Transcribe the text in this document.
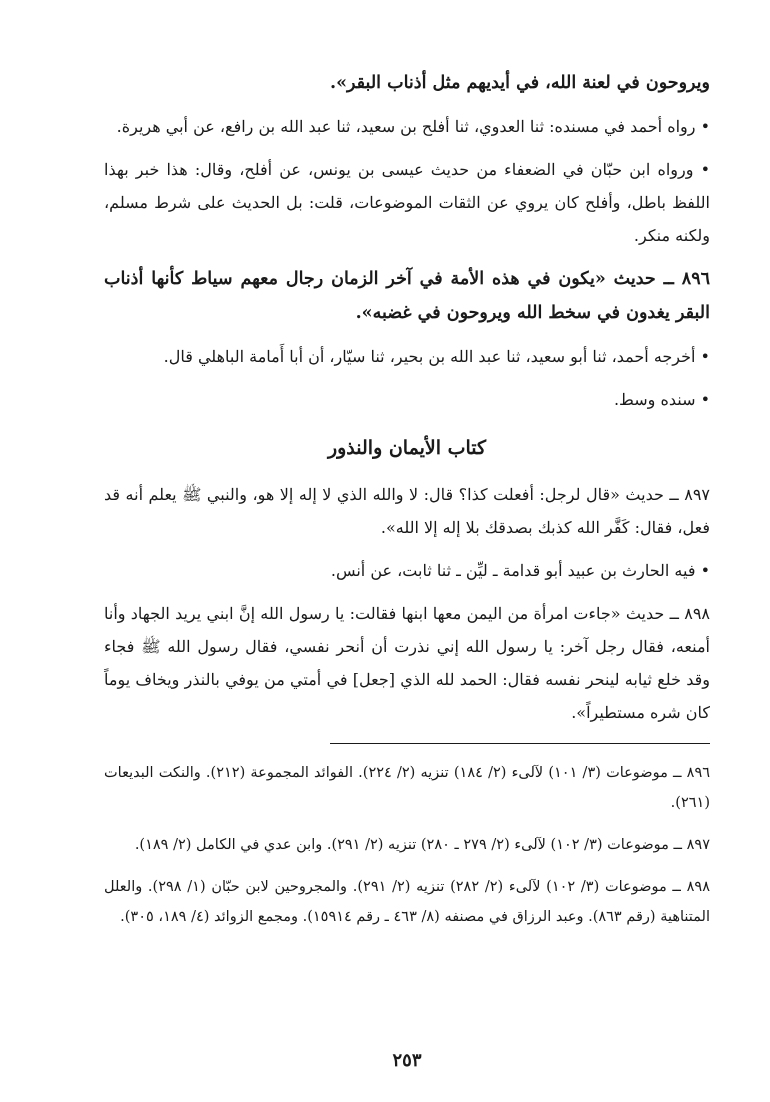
ويروحون في لعنة الله، في أيديهم مثل أذناب البقر».

• رواه أحمد في مسنده: ثنا العدوي، ثنا أفلح بن سعيد، ثنا عبد الله بن رافع، عن أبي هريرة.

• ورواه ابن حبّان في الضعفاء من حديث عيسى بن يونس، عن أفلح، وقال: هذا خبر بهذا اللفظ باطل، وأفلح كان يروي عن الثقات الموضوعات، قلت: بل الحديث على شرط مسلم، ولكنه منكر.

٨٩٦ ــ حديث «يكون في هذه الأمة في آخر الزمان رجال معهم سياط كأنها أذناب البقر يغدون في سخط الله ويروحون في غضبه».

• أخرجه أحمد، ثنا أبو سعيد، ثنا عبد الله بن بحير، ثنا سيّار، أن أبا أَمامة الباهلي قال.

• سنده وسط.

كتاب الأيمان والنذور

٨٩٧ ــ حديث «قال لرجل: أفعلت كذا؟ قال: لا والله الذي لا إله إلا هو، والنبي ﷺ يعلم أنه قد فعل، فقال: كَفَّر الله كذبك بصدقك بلا إله إلا الله».

• فيه الحارث بن عبيد أبو قدامة ـ ليِّن ـ ثنا ثابت، عن أنس.

٨٩٨ ــ حديث «جاءت امرأة من اليمن معها ابنها فقالت: يا رسول الله إنَّ ابني يريد الجهاد وأنا أمنعه، فقال رجل آخر: يا رسول الله إني نذرت أن أنحر نفسي، فقال رسول الله ﷺ فجاء وقد خلع ثيابه لينحر نفسه فقال: الحمد لله الذي [جعل] في أمتي من يوفي بالنذر ويخاف يوماً كان شره مستطيراً».

٨٩٦ ــ موضوعات (٣/ ١٠١) لآلىء (٢/ ١٨٤) تنزيه (٢/ ٢٢٤). الفوائد المجموعة (٢١٢). والنكت البديعات (٢٦١).

٨٩٧ ــ موضوعات (٣/ ١٠٢) لآلىء (٢/ ٢٧٩ ـ ٢٨٠) تنزيه (٢/ ٢٩١). وابن عدي في الكامل (٢/ ١٨٩).

٨٩٨ ــ موضوعات (٣/ ١٠٢) لآلىء (٢/ ٢٨٢) تنزيه (٢/ ٢٩١). والمجروحين لابن حبّان (١/ ٢٩٨). والعلل المتناهية (رقم ٨٦٣). وعبد الرزاق في مصنفه (٨/ ٤٦٣ ـ رقم ١٥٩١٤). ومجمع الزوائد (٤/ ١٨٩، ٣٠٥).

٢٥٣
